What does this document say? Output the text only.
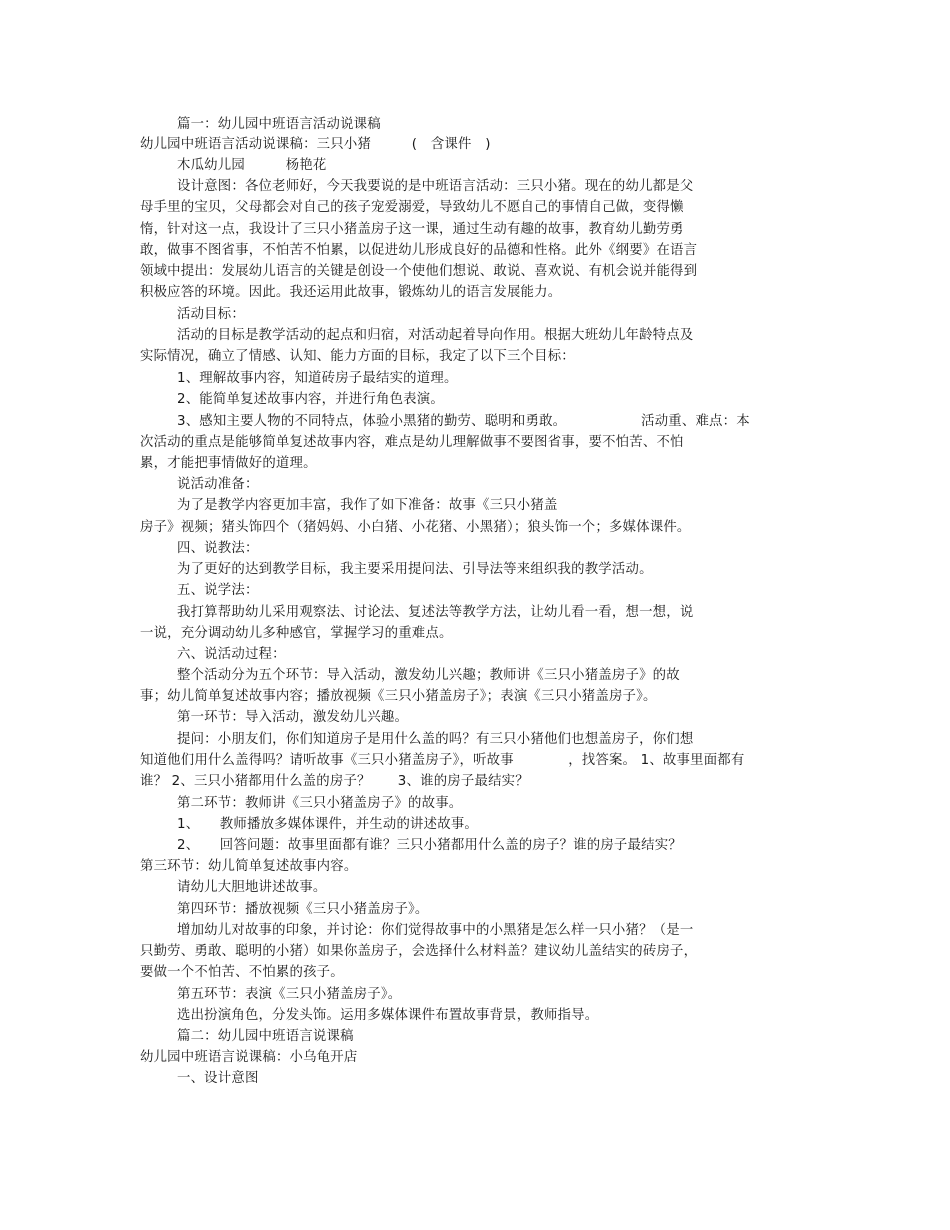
篇一：幼儿园中班语言活动说课稿
幼儿园中班语言活动说课稿：三只小猪　　　(　含课件　)
木瓜幼儿园　　　杨艳花
设计意图：各位老师好，今天我要说的是中班语言活动：三只小猪。现在的幼儿都是父
母手里的宝贝，父母都会对自己的孩子宠爱溺爱，导致幼儿不愿自己的事情自己做，变得懒
惰，针对这一点，我设计了三只小猪盖房子这一课，通过生动有趣的故事，教育幼儿勤劳勇
敢，做事不图省事，不怕苦不怕累，以促进幼儿形成良好的品德和性格。此外《纲要》在语言
领域中提出：发展幼儿语言的关键是创设一个使他们想说、敢说、喜欢说、有机会说并能得到
积极应答的环境。因此。我还运用此故事，锻炼幼儿的语言发展能力。
活动目标：
活动的目标是教学活动的起点和归宿，对活动起着导向作用。根据大班幼儿年龄特点及
实际情况，确立了情感、认知、能力方面的目标，我定了以下三个目标：
1、理解故事内容，知道砖房子最结实的道理。
2、能简单复述故事内容，并进行角色表演。
3、感知主要人物的不同特点，体验小黑猪的勤劳、聪明和勇敢。　　　　　　活动重、难点：本
次活动的重点是能够简单复述故事内容，难点是幼儿理解做事不要图省事，要不怕苦、不怕
累，才能把事情做好的道理。
说活动准备：
为了是教学内容更加丰富，我作了如下准备：故事《三只小猪盖
房子》视频；猪头饰四个（猪妈妈、小白猪、小花猪、小黑猪）；狼头饰一个；多媒体课件。
四、说教法：
为了更好的达到教学目标，我主要采用提问法、引导法等来组织我的教学活动。
五、说学法：
我打算帮助幼儿采用观察法、讨论法、复述法等教学方法，让幼儿看一看，想一想，说
一说，充分调动幼儿多种感官，掌握学习的重难点。
六、说活动过程：
整个活动分为五个环节：导入活动，激发幼儿兴趣；教师讲《三只小猪盖房子》的故
事；幼儿简单复述故事内容；播放视频《三只小猪盖房子》；表演《三只小猪盖房子》。
第一环节：导入活动，激发幼儿兴趣。
提问：小朋友们，你们知道房子是用什么盖的吗？有三只小猪他们也想盖房子，你们想
知道他们用什么盖得吗？请听故事《三只小猪盖房子》，听故事　　　　，找答案。 1、故事里面都有
谁？ 2、三只小猪都用什么盖的房子？　　3、谁的房子最结实？
第二环节：教师讲《三只小猪盖房子》的故事。
1、　　教师播放多媒体课件，并生动的讲述故事。
2、　　回答问题：故事里面都有谁？三只小猪都用什么盖的房子？谁的房子最结实？
第三环节：幼儿简单复述故事内容。
请幼儿大胆地讲述故事。
第四环节：播放视频《三只小猪盖房子》。
增加幼儿对故事的印象，并讨论：你们觉得故事中的小黑猪是怎么样一只小猪？（是一
只勤劳、勇敢、聪明的小猪）如果你盖房子，会选择什么材料盖？建议幼儿盖结实的砖房子，
要做一个不怕苦、不怕累的孩子。
第五环节：表演《三只小猪盖房子》。
选出扮演角色，分发头饰。运用多媒体课件布置故事背景，教师指导。
篇二：幼儿园中班语言说课稿
幼儿园中班语言说课稿：小乌龟开店
一、设计意图
